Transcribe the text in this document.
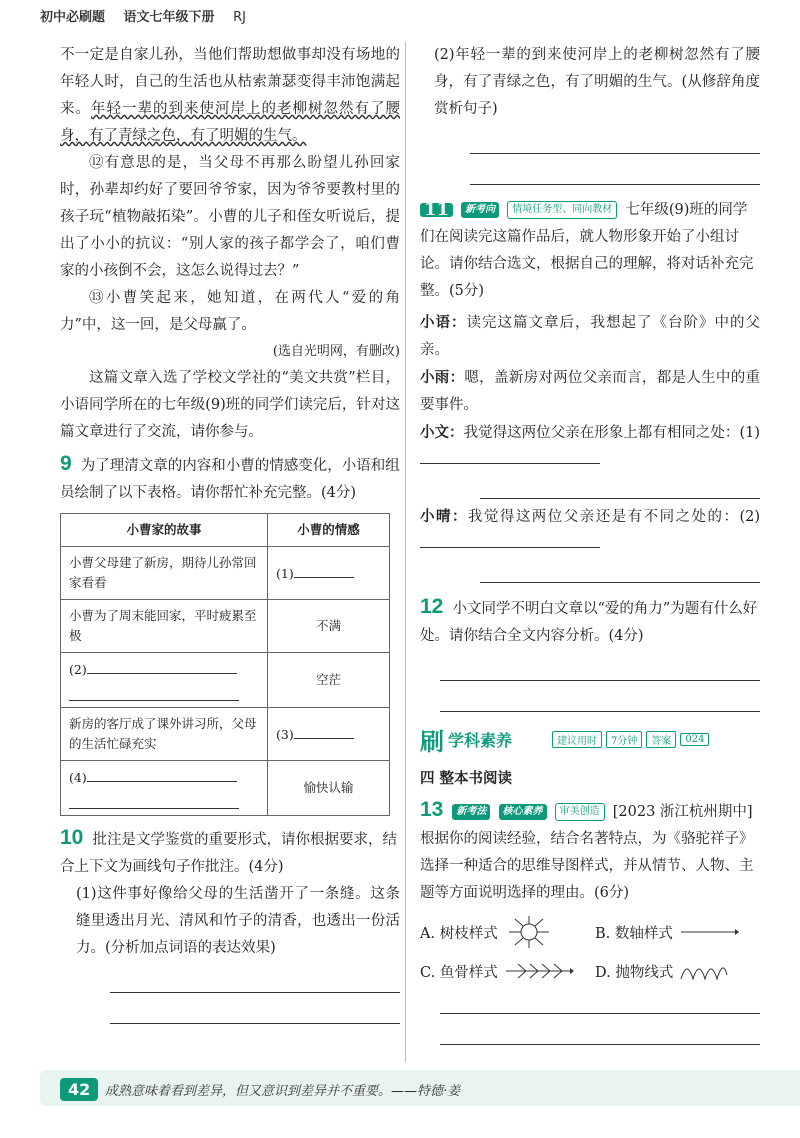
初中必刷题 语文七年级下册 RJ

不一定是自家儿孙，当他们帮助想做事却没有场地的年轻人时，自己的生活也从枯索萧瑟变得丰沛饱满起来。年轻一辈的到来使河岸上的老柳树忽然有了腰身，有了青绿之色，有了明媚的生气。

⑫有意思的是，当父母不再那么盼望儿孙回家时，孙辈却约好了要回爷爷家，因为爷爷要教村里的孩子玩“植物敲拓染”。小曹的儿子和侄女听说后，提出了小小的抗议：“别人家的孩子都学会了，咱们曹家的小孩倒不会，这怎么说得过去？”

⑬小曹笑起来，她知道，在两代人“爱的角力”中，这一回，是父母赢了。

(选自光明网，有删改)

这篇文章入选了学校文学社的“美文共赏”栏目，小语同学所在的七年级(9)班的同学们读完后，针对这篇文章进行了交流，请你参与。

9 为了理清文章的内容和小曹的情感变化，小语和组员绘制了以下表格。请你帮忙补充完整。(4分)
小曹家的故事	小曹的情感
小曹父母建了新房，期待儿孙常回家看看	(1)
小曹为了周末能回家，平时疲累至极	不满
(2)	空茫
新房的客厅成了课外讲习所，父母的生活忙碌充实	(3)
(4)	愉快认输
10 批注是文学鉴赏的重要形式，请你根据要求，结合上下文为画线句子作批注。(4分)

(1)这件事好像给父母的生活凿开了一条缝。这条缝里透出月光、清风和竹子的清香，也透出一份活力。(分析加点词语的表达效果)

(2)年轻一辈的到来使河岸上的老柳树忽然有了腰身，有了青绿之色，有了明媚的生气。(从修辞角度赏析句子)

11 新考向 情境任务型、同向教材 七年级(9)班的同学们在阅读完这篇作品后，就人物形象开始了小组讨论。请你结合选文，根据自己的理解，将对话补充完整。(5分)

小语：读完这篇文章后，我想起了《台阶》中的父亲。

小雨：嗯，盖新房对两位父亲而言，都是人生中的重要事件。

小文：我觉得这两位父亲在形象上都有相同之处：(1)

小晴：我觉得这两位父亲还是有不同之处的：(2)

12 小文同学不明白文章以“爱的角力”为题有什么好处。请你结合全文内容分析。(4分)
刷 学科素养	建议用时	7分钟	答案	024

四 整本书阅读

13 新考法 核心素养 审美创造 [2023 浙江杭州期中] 根据你的阅读经验，结合名著特点，为《骆驼祥子》选择一种适合的思维导图样式，并从情节、人物、主题等方面说明选择的理由。(6分)
A. 树枝样式	B. 数轴样式
C. 鱼骨样式	D. 抛物线式
42	成熟意味着看到差异，但又意识到差异并不重要。——特德·姜
